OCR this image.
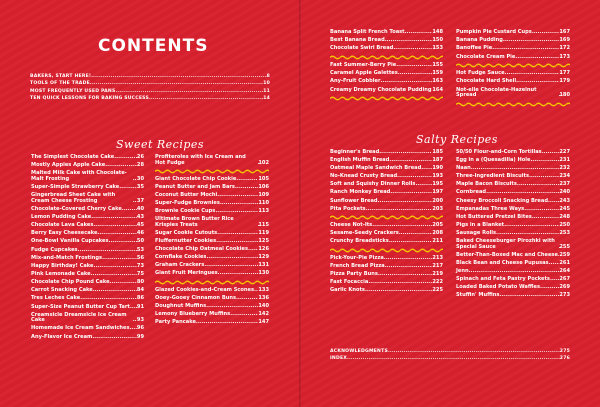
CONTENTS
BAKERS, START HERE! .....	8
TOOLS OF THE TRADE .....	10
MOST FREQUENTLY USED PANS .....	11
TEN QUICK LESSONS FOR BAKING SUCCESS .....	14
Sweet Recipes	Salty Recipes
The Simplest Chocolate Cake .....	26
Mostly Apples Apple Cake .....	28
Malted Milk Cake with Chocolate-Malt Frosting .....	30
Super-Simple Strawberry Cake .....	35
Gingerbread Sheet Cake with Cream Cheese Frosting .....	37
Chocolate-Covered Cherry Cake .....	40
Lemon Pudding Cake .....	43
Chocolate Lava Cakes .....	45
Berry Easy Cheesecake .....	46
One-Bowl Vanilla Cupcakes .....	50
Fudge Cupcakes .....	53
Mix-and-Match Frostings .....	56
Happy Birthday! Cake .....	73
Pink Lemonade Cake .....	75
Chocolate Chip Pound Cake .....	80
Carrot Snacking Cake .....	84
Tres Leches Cake .....	86
Super-Size Peanut Butter Cup Tart ..... 91
Creamsicle Dreamsicle Ice Cream Cake .....	93
Homemade Ice Cream Sandwiches ..... 96
Any-Flavor Ice Cream .....	99
Profiteroles with Ice Cream and Hot Fudge .....	102
Giant Chocolate Chip Cookie .....	105
Peanut Butter and Jam Bars .....	106
Coconut Butter Mochi .....	109
Super-Fudge Brownies .....	110
Brownie Cookie Cups .....	113
Ultimate Brown Butter Rice Krispies Treats .....	115
Sugar Cookie Cutouts .....	119
Fluffernutter Cookies .....	125
Chocolate Chip Oatmeal Cookies ..... 126
Cornflake Cookies .....	129
Graham Crackers .....	131
Giant Fruit Meringues .....	130
Glazed Cookies-and-Cream Scones ..... 133
Ooey-Gooey Cinnamon Buns .....	136
Doughnut Muffins .....	140
Lemony Blueberry Muffins .....	142
Party Pancake .....	147
Banana Split French Toast .....	148
Best Banana Bread .....	150
Chocolate Swirl Bread .....	153
Fast Summer-Berry Pie .....	155
Caramel Apple Galettes .....	159
Any-Fruit Cobbler .....	163
Creamy Dreamy Chocolate Pudding ..... 164
Pumpkin Pie Custard Cups .....	167
Banana Pudding .....	169
Banoffee Pie .....	172
Chocolate Cream Pie .....	173
Hot Fudge Sauce .....	177
Chocolate Hard Shell .....	179
Not-elle Chocolate-Hazelnut Spread .....	180
Beginner's Bread .....	185
English Muffin Bread .....	187
Oatmeal Maple Sandwich Bread ..... 190
No-Knead Crusty Bread .....	193
Soft and Squishy Dinner Rolls .....	195
Ranch Monkey Bread .....	197
Sunflower Bread .....	200
Pita Pockets .....	203
Cheese Not-Its .....	205
Sesame-Seedy Crackers .....	208
Crunchy Breadsticks .....	211
Pick-Your-Pie Pizza .....	213
French Bread Pizza .....	217
Pizza Party Buns .....	219
Fast Focaccia .....	222
Garlic Knots .....	225
50/50 Flour-and-Corn Tortillas .....	227
Egg in a (Quesadilla) Hole .....	231
Naan .....	232
Three-Ingredient Biscuits .....	234
Maple Bacon Biscuits .....	237
Cornbread .....	240
Cheesy Broccoli Snacking Bread ..... 243
Empanadas Three Ways .....	245
Hot Buttered Pretzel Bites .....	248
Pigs in a Blanket .....	250
Sausage Rolls .....	253
Baked Cheeseburger Pirozhki with Special Sauce .....	255
Better-Than-Boxed Mac and Cheese ..... 259
Black Bean and Cheese Pupusas ..... 261
Jenn .....	264
Spinach and Feta Pastry Pockets ..... 267
Loaded Baked Potato Waffles .....	269
Stuffin' Muffins .....	273
ACKNOWLEDGMENTS .....	275
INDEX .....	276
